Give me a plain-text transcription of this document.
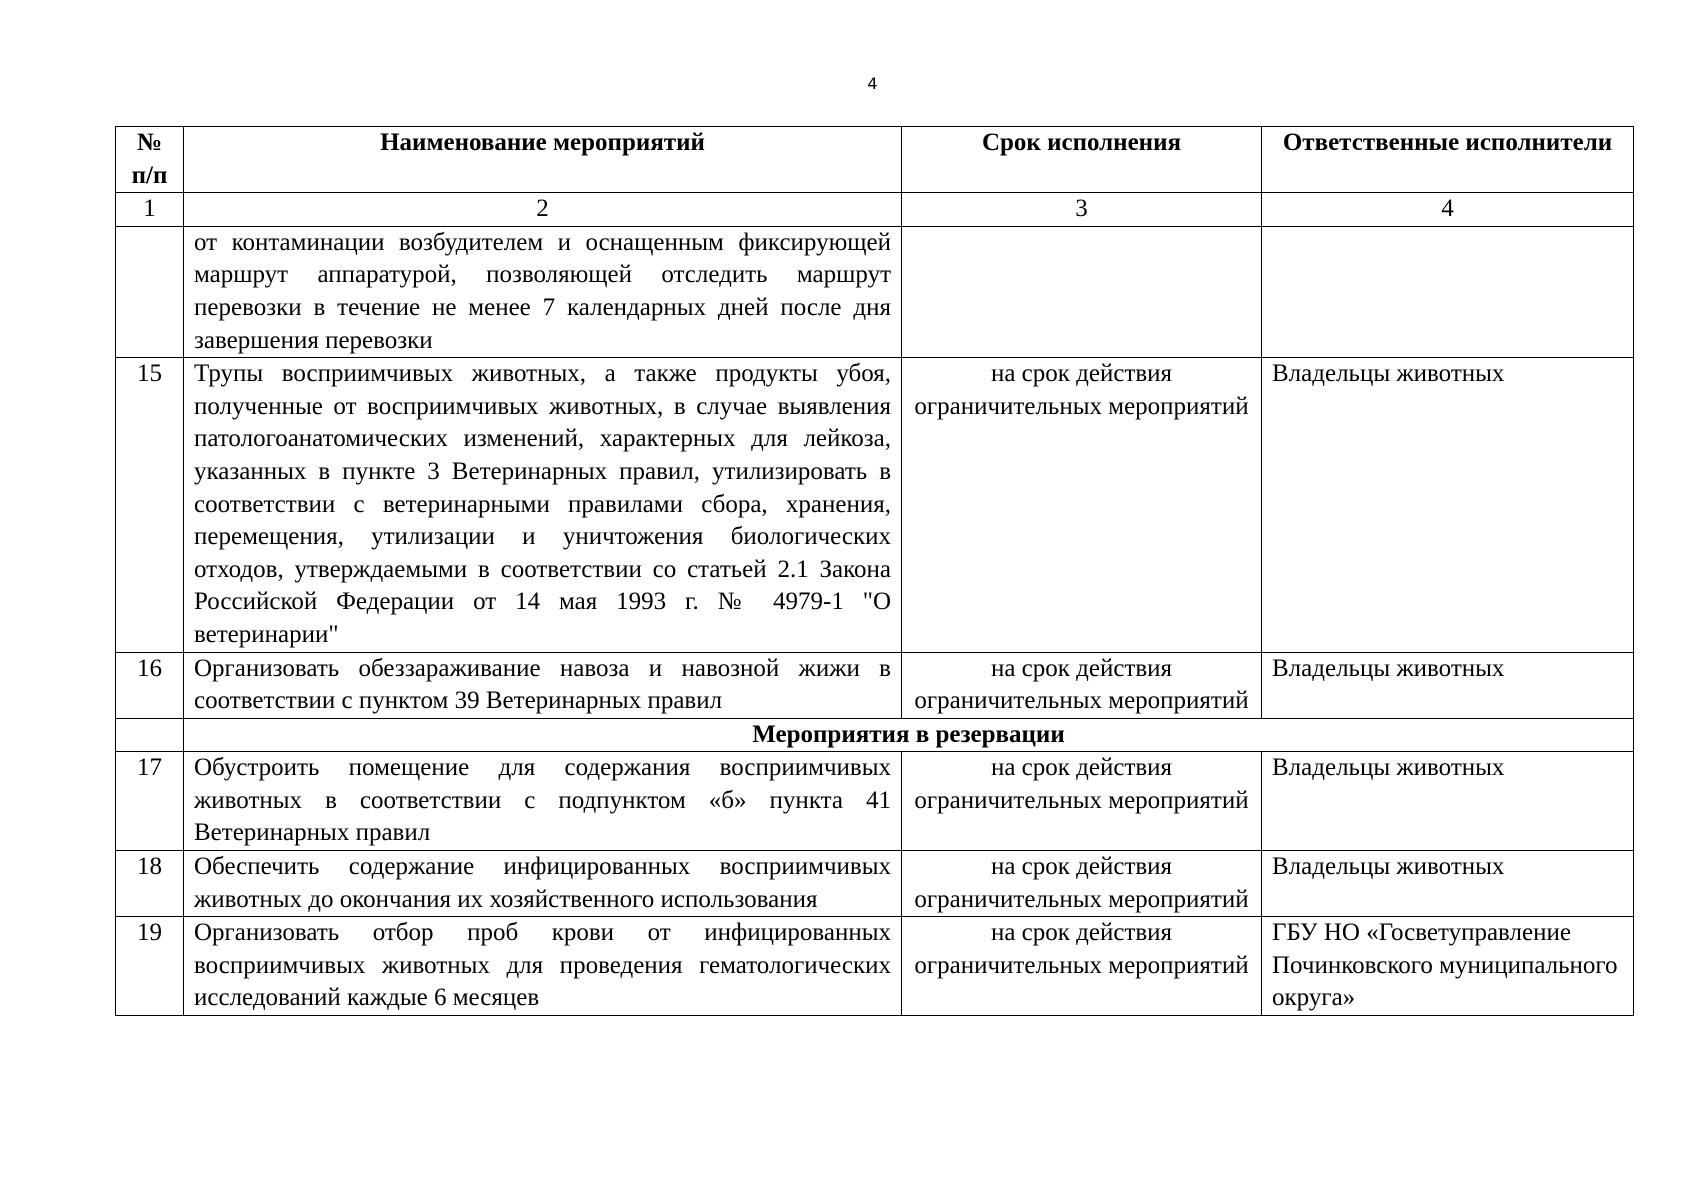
4
№ п/п	Наименование мероприятий	Срок исполнения	Ответственные исполнители
1	2	3	4
	от контаминации возбудителем и оснащенным фиксирующей маршрут аппаратурой, позволяющей отследить маршрут перевозки в течение не менее 7 календарных дней после дня завершения перевозки		
15	Трупы восприимчивых животных, а также продукты убоя, полученные от восприимчивых животных, в случае выявления патологоанатомических изменений, характерных для лейкоза, указанных в пункте 3 Ветеринарных правил, утилизировать в соответствии с ветеринарными правилами сбора, хранения, перемещения, утилизации и уничтожения биологических отходов, утверждаемыми в соответствии со статьей 2.1 Закона Российской Федерации от 14 мая 1993 г. № 4979-1 "О ветеринарии"	на срок действия ограничительных мероприятий	Владельцы животных
16	Организовать обеззараживание навоза и навозной жижи в соответствии с пунктом 39 Ветеринарных правил	на срок действия ограничительных мероприятий	Владельцы животных
	Мероприятия в резервации		
17	Обустроить помещение для содержания восприимчивых животных в соответствии с подпунктом «б» пункта 41 Ветеринарных правил	на срок действия ограничительных мероприятий	Владельцы животных
18	Обеспечить содержание инфицированных восприимчивых животных до окончания их хозяйственного использования	на срок действия ограничительных мероприятий	Владельцы животных
19	Организовать отбор проб крови от инфицированных восприимчивых животных для проведения гематологических исследований каждые 6 месяцев	на срок действия ограничительных мероприятий	ГБУ НО «Госветуправление Починковского муниципального округа»
